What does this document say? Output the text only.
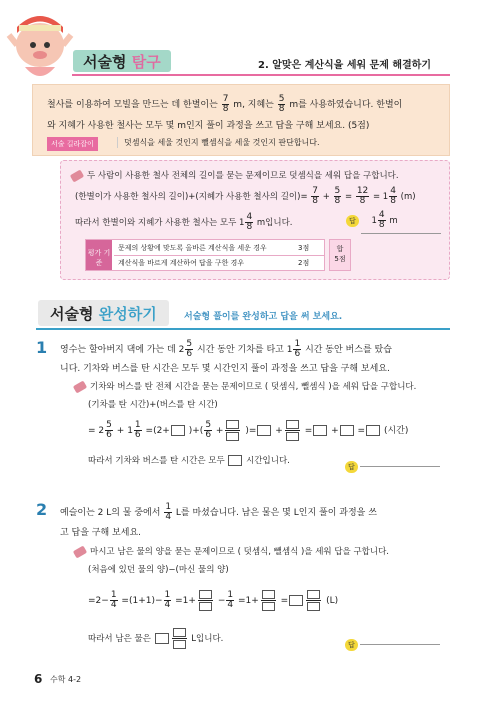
서술형 탐구	2. 알맞은 계산식을 세워 문제 해결하기
철사를 이용하여 모빌을 만드는 데 한별이는 $\frac{7}{8} m$, 지혜는 $\frac{5}{8}$ m를 사용하였습니다. 한별이
와 지혜가 사용한 철사는 모두 몇 m인지 풀이 과정을 쓰고 답을 구해 보세요. (5점)
서술 길라잡이	덧셈식을 세울 것인지 뺄셈식을 세울 것인지 판단합니다.
두 사람이 사용한 철사 전체의 길이를 묻는 문제이므로 덧셈식을 세워 답을 구합니다.
(한별이가 사용한 철사의 길이)+(지혜가 사용한 철사의 길이)= $\frac{7}{8} + \frac{5}{8} = \frac{12}{8} = 1 \frac{4}{8} (m)$
따라서 한별이와 지혜가 사용한 철사는 모두 $1 \frac{4}{8}$ m입니다.	답 $1 \frac{4}{8}$ m
평가 기준
문제의 상황에 맞도록 올바른 계산식을 세운 경우	3점
계산식을 바르게 계산하여 답을 구한 경우	2점
합
5점
서술형 완성하기	서술형 풀이를 완성하고 답을 써 보세요.
1 영수는 할아버지 댁에 가는 데 $2 \frac{5}{6}$ 시간 동안 기차를 타고 $1 \frac{1}{6}$ 시간 동안 버스를 탔습
니다. 기차와 버스를 탄 시간은 모두 몇 시간인지 풀이 과정을 쓰고 답을 구해 보세요.
기차와 버스를 탄 전체 시간을 묻는 문제이므로 ( 덧셈식, 뺄셈식 )을 세워 답을 구합니다.
(기차를 탄 시간)+(버스를 탄 시간)
= $2 \frac{5}{6} + 1 \frac{1}{6} =(2+$ )+( $\frac{5}{6}$ + )= + = + = (시간)
따라서 기차와 버스를 탄 시간은 모두	시간입니다.
답
2 예슬이는 2 L의 물 중에서 $\frac{1}{4}$ L를 마셨습니다. 남은 물은 몇 L인지 풀이 과정을 쓰
고 답을 구해 보세요.
마시고 남은 물의 양을 묻는 문제이므로 ( 덧셈식, 뺄셈식 )을 세워 답을 구합니다.
(처음에 있던 물의 양)−(마신 물의 양)
$=2- \frac{1}{4} =(1+1)- \frac{1}{4} =1+ - \frac{1}{4} =1+$ =	(L)
따라서 남은 물은	L입니다.
답
6 수학 4-2
